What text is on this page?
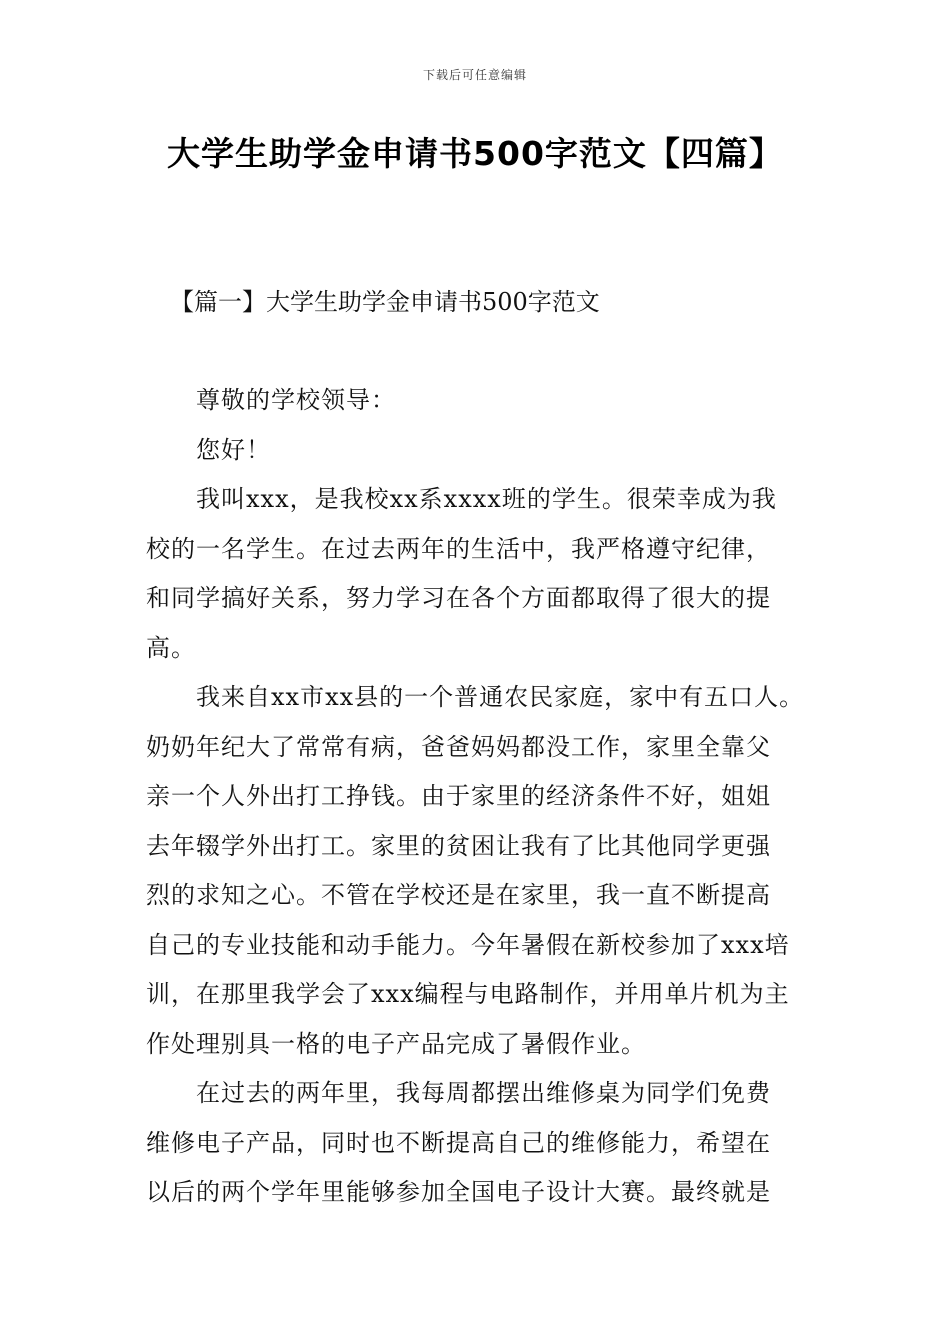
下载后可任意编辑
大学生助学金申请书500字范文【四篇】
【篇一】大学生助学金申请书500字范文
尊敬的学校领导：
您好！
我叫xxx，是我校xx系xxxx班的学生。很荣幸成为我
校的一名学生。在过去两年的生活中，我严格遵守纪律，
和同学搞好关系，努力学习在各个方面都取得了很大的提
高。
我来自xx市xx县的一个普通农民家庭，家中有五口人。
奶奶年纪大了常常有病，爸爸妈妈都没工作，家里全靠父
亲一个人外出打工挣钱。由于家里的经济条件不好，姐姐
去年辍学外出打工。家里的贫困让我有了比其他同学更强
烈的求知之心。不管在学校还是在家里，我一直不断提高
自己的专业技能和动手能力。今年暑假在新校参加了xxx培
训，在那里我学会了xxx编程与电路制作，并用单片机为主
作处理别具一格的电子产品完成了暑假作业。
在过去的两年里，我每周都摆出维修桌为同学们免费
维修电子产品，同时也不断提高自己的维修能力，希望在
以后的两个学年里能够参加全国电子设计大赛。最终就是
